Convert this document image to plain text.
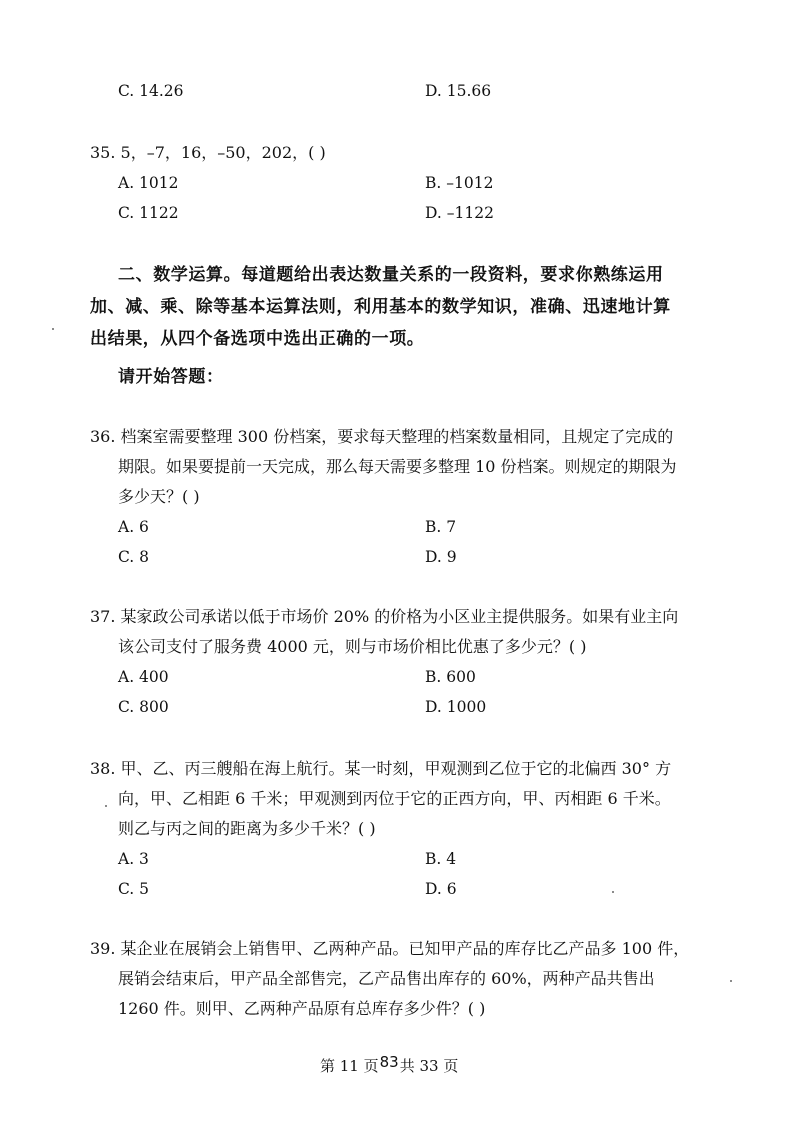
C. 14.26	D. 15.66
35. 5，–7，16，–50，202，( )
A. 1012	B. –1012
C. 1122	D. –1122
二、数学运算。每道题给出表达数量关系的一段资料，要求你熟练运用
加、减、乘、除等基本运算法则，利用基本的数学知识，准确、迅速地计算
出结果，从四个备选项中选出正确的一项。
请开始答题：
36. 档案室需要整理 300 份档案，要求每天整理的档案数量相同，且规定了完成的
期限。如果要提前一天完成，那么每天需要多整理 10 份档案。则规定的期限为
多少天？( )
A. 6	B. 7
C. 8	D. 9
37. 某家政公司承诺以低于市场价 20% 的价格为小区业主提供服务。如果有业主向
该公司支付了服务费 4000 元，则与市场价相比优惠了多少元？( )
A. 400	B. 600
C. 800	D. 1000
38. 甲、乙、丙三艘船在海上航行。某一时刻，甲观测到乙位于它的北偏西 30° 方
向，甲、乙相距 6 千米；甲观测到丙位于它的正西方向，甲、丙相距 6 千米。
则乙与丙之间的距离为多少千米？( )
A. 3	B. 4
C. 5	D. 6
39. 某企业在展销会上销售甲、乙两种产品。已知甲产品的库存比乙产品多 100 件，
展销会结束后，甲产品全部售完，乙产品售出库存的 60%，两种产品共售出
1260 件。则甲、乙两种产品原有总库存多少件？( )
第 11 页83共 33 页
